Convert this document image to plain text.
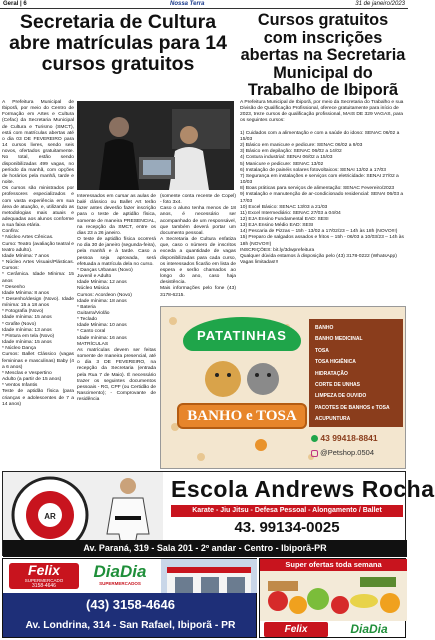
Geral | 6	Nossa Terra	31 de janeiro/2023
Secretaria de Cultura abre matrículas para 14 cursos gratuitos

A Prefeitura Municipal de Ibiporã, por meio do Centro de Formação em Artes e Cultura (Cefac) da Secretaria Municipal de Cultura e Turismo (SMCT), está com matrículas abertas até o dia 03 DE FEVEREIRO para 14 cursos livres, sendo seis novos, ofertados gratuitamente. No total, estão sendo disponibilizadas 499 vagas, no período da manhã, com opções de horários pela manhã, tarde e noite.
Os cursos são ministrados por professores especializados e com vasta experiência em sua área de atuação, e, utilizando as metodologias mais atuais e adequadas aos alunos conforme a sua faixa etária.
Confira:
* Núcleo Artes Cênicas.
Curso: Teatro (avaliação teatral e teatro adulto).
Idade Mínima: 7 anos
* Núcleo Artes Visuais/Plásticas. Cursos:
* Cerâmica. Idade Mínima: 15 anos
* Desenho
Idade Mínima: 8 anos
* Desenho/design (Novo). Idade mínima: 15 a 18 anos
* Fotografia (Novo)
Idade mínima: 15 anos
* Grafite (Novo)
Idade mínima: 13 anos
* Pintura em tela (Novo)
Idade mínima: 15 anos
* Núcleo Dança
Cursos: Ballet Clássico (vagas femininas e masculinas) Baby (4 a 6 anos)
* Mesclas e Vespertino
Adulto (a partir de 15 anos)
* Ventos Infantis
Teste de aptidão física (para crianças e adolescentes de 7 a 14 anos)

Interessados em cursar as aulas de balé clássico ou Ballet Art terão fazer antes deverão fazer inscrição para o teste de aptidão física, somente de maneira PRESENCIAL, na recepção da SMCT, entre os dias 23 a 26 janeiro.
O teste de aptidão física ocorrerá no dia 30 de janeiro (segunda-feira), pela manhã e à tarde. Caso a pessoa seja aprovada, será efetuada a matrícula dela no curso.
* Danças Urbanas (Novo)
Juvenil e Adulto
Idade Mínima: 12 anos
Núcleo Música
Cursos: Acordeon (Novo)
Idade mínima: 18 anos
* Bateria
Guitarra/Violão
* Teclado
Idade Mínima: 10 anos
* Canto coral
Idade mínima: 16 anos
MATRÍCULAS
As matrículas devem ser feitas somente de maneira presencial, até o dia 3 DE FEVEREIRO, na recepção da Secretaria (entrada pela Rua 7 de Maio). É necessário trazer os seguintes documentos pessoais - RG, CPF (ou Certidão de Nascimento); - Comprovante de residência

(somente conta recente de Copel) - foto 3x4.
Caso o aluno tenha menos de 18 anos, é necessário ser acompanhado de um responsável, que também deverá portar um documento pessoal.
A Secretaria de Cultura enfatiza que, caso o número de inscritos exceda a quantidade de vagas disponibilizadas para cada curso, os interessados ficarão em lista de espera e serão chamados ao longo do ano, caso haja desistência.
Mais informações pelo fone (43) 3178-6215.

Cursos gratuitos com inscrições abertas na Secretaria Municipal do Trabalho de Ibiporã

A Prefeitura Municipal de Ibiporã, por meio da Secretaria do Trabalho e sua Divisão de Qualificação Profissional, oferece gratuitamente para início de 2023, treze cursos de qualificação profissional, MAIS DE 329 VAGAS, para os seguintes cursos:

1) Cuidados com a alimentação e com a saúde do idoso: SENAC 06/02 a 15/03
2) Básico em manicure e pedicure: SENAC 06/02 a 9/03
3) Básico em depilação: SENAC 06/02 a 14/02
4) Costura industrial: SENAI 06/02 a 15/03
5) Manicure e pedicure: SENAC 13/02
6) Instalação de painéis solares fotovoltaicos: SENAI 13/02 a 17/03
7) Segurança em instalações e serviços com eletricidade: SENAI 27/02 a 10/03
8) Boas práticas para serviços de alimentação: SENAC Fevereiro/2023
9) Instalação e manutenção de ar-condicionado residencial: SENAI 06/03 a 17/03
10) Excel Básico: SENAC 13/03 a 21/03
11) Excel Intermediário: SENAC 27/03 a 04/04
12) EJA Ensino Fundamental EAD: SESI
13) EJA Ensino Médio EAD: SESI
14) Pescaria de Pizzas – 15h - 13/02 a 17/02/23 – 14h às 18h (NOVO!!!)
15) Preparo de salgados assados e fritos – 15h - 06/03 a 10/03/23 – 14h às 18h (NOVO!!!)
INSCRIÇÕES: bit.ly/3dwprefeitura
Qualquer dúvida estamos à disposição pelo (43) 3178-0222 (WhatsApp) Vagas limitadas!!!

PATATINHAS
BANHO e TOSA
BANHO
BANHO MEDICINAL
TOSA
TOSA HIGIÊNICA
HIDRATAÇÃO
CORTE DE UNHAS
LIMPEZA DE OUVIDO
PACOTES DE BANHOS e TOSA
ACUPUNTURA
43 99418-8841
@Petshop.0504
AR
Escola Andrews Rocha
Karate - Jiu Jitsu - Defesa Pessoal - Alongamento / Ballet
43. 99134-0025
Av. Paraná, 319 - Sala 201 - 2º andar - Centro - Ibiporã-PR
Felix
SUPERMERCADO
3158-4646
DiaDia
SUPERMERCADOS
(43) 3158-4646
Av. Londrina, 314 - San Rafael, Ibiporã - PR
Super ofertas toda semana
Felix	DiaDia
